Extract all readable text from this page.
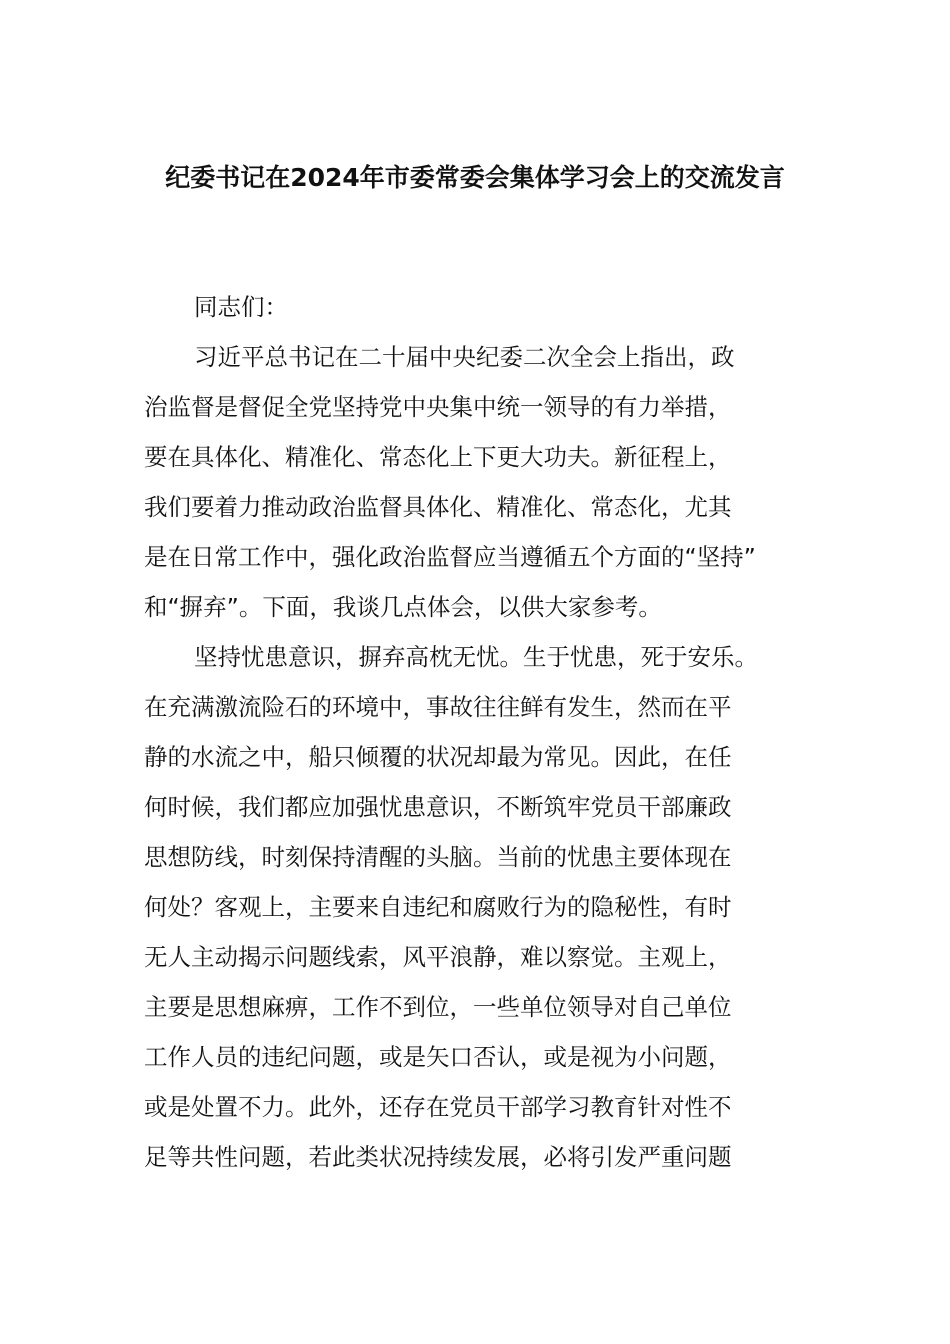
纪委书记在2024年市委常委会集体学习会上的交流发言
同志们：
习近平总书记在二十届中央纪委二次全会上指出，政
治监督是督促全党坚持党中央集中统一领导的有力举措，
要在具体化、精准化、常态化上下更大功夫。新征程上，
我们要着力推动政治监督具体化、精准化、常态化，尤其
是在日常工作中，强化政治监督应当遵循五个方面的“坚持”
和“摒弃”。下面，我谈几点体会，以供大家参考。
坚持忧患意识，摒弃高枕无忧。生于忧患，死于安乐。
在充满激流险石的环境中，事故往往鲜有发生，然而在平
静的水流之中，船只倾覆的状况却最为常见。因此，在任
何时候，我们都应加强忧患意识，不断筑牢党员干部廉政
思想防线，时刻保持清醒的头脑。当前的忧患主要体现在
何处？客观上，主要来自违纪和腐败行为的隐秘性，有时
无人主动揭示问题线索，风平浪静，难以察觉。主观上，
主要是思想麻痹，工作不到位，一些单位领导对自己单位
工作人员的违纪问题，或是矢口否认，或是视为小问题，
或是处置不力。此外，还存在党员干部学习教育针对性不
足等共性问题，若此类状况持续发展，必将引发严重问题
